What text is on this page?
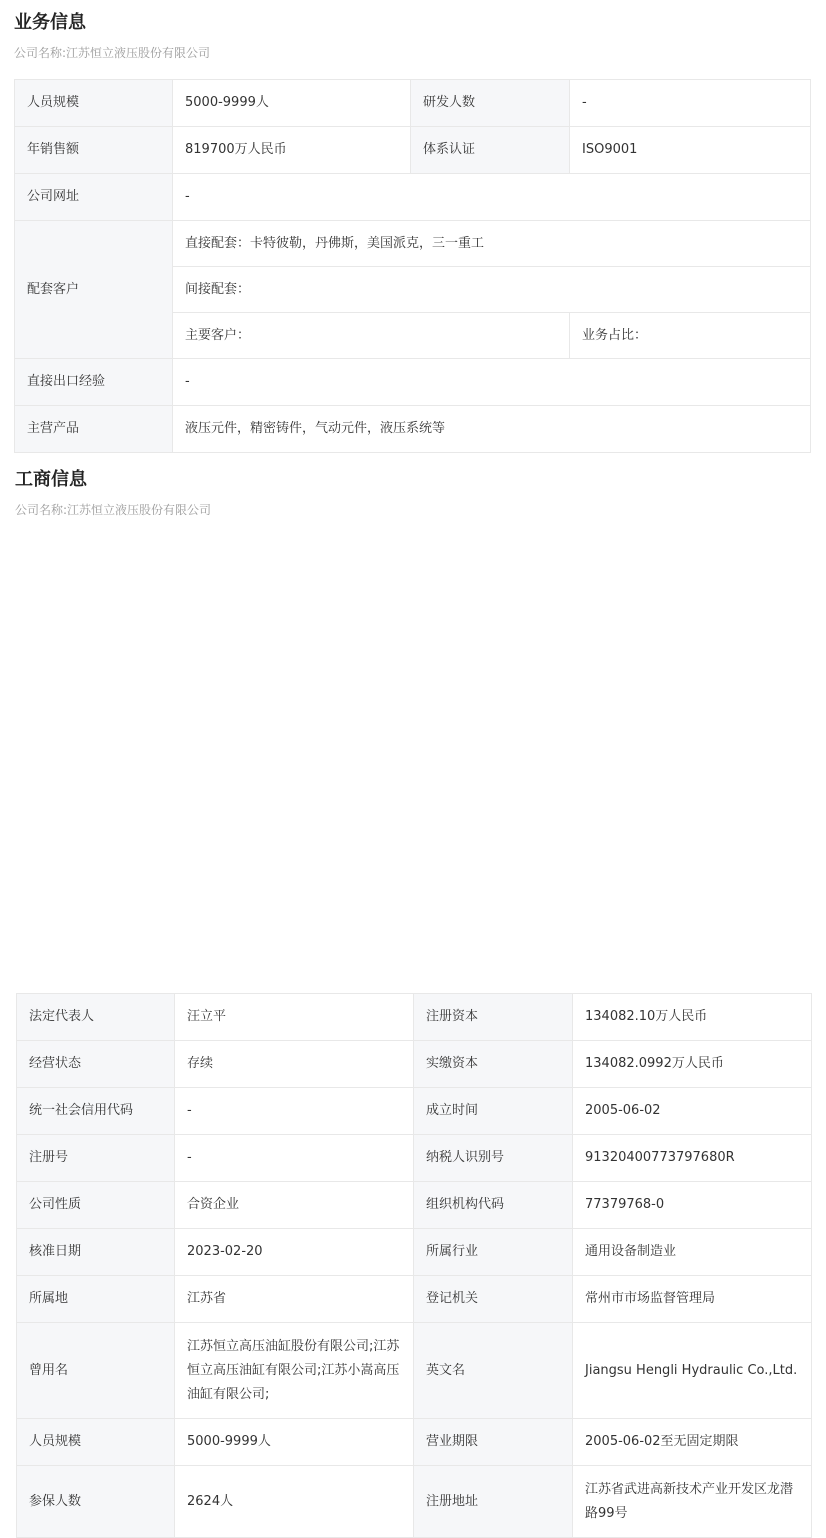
业务信息
公司名称:江苏恒立液压股份有限公司
人员规模	5000-9999人	研发人数	-
年销售额	819700万人民币	体系认证	ISO9001
公司网址	-		
配套客户	直接配套：卡特彼勒，丹佛斯，美国派克，三一重工		
	间接配套：		
	主要客户：		业务占比：
直接出口经验	-		
主营产品	液压元件，精密铸件，气动元件，液压系统等		
工商信息
公司名称:江苏恒立液压股份有限公司
法定代表人	汪立平	注册资本	134082.10万人民币
经营状态	存续	实缴资本	134082.0992万人民币
统一社会信用代码	-	成立时间	2005-06-02
注册号	-	纳税人识别号	91320400773797680R
公司性质	合资企业	组织机构代码	77379768-0
核准日期	2023-02-20	所属行业	通用设备制造业
所属地	江苏省	登记机关	常州市市场监督管理局
曾用名	江苏恒立高压油缸股份有限公司;江苏恒立高压油缸有限公司;江苏小嵩高压油缸有限公司;	英文名	Jiangsu Hengli Hydraulic Co.,Ltd.
人员规模	5000-9999人	营业期限	2005-06-02至无固定期限
参保人数	2624人	注册地址	江苏省武进高新技术产业开发区龙潜路99号
